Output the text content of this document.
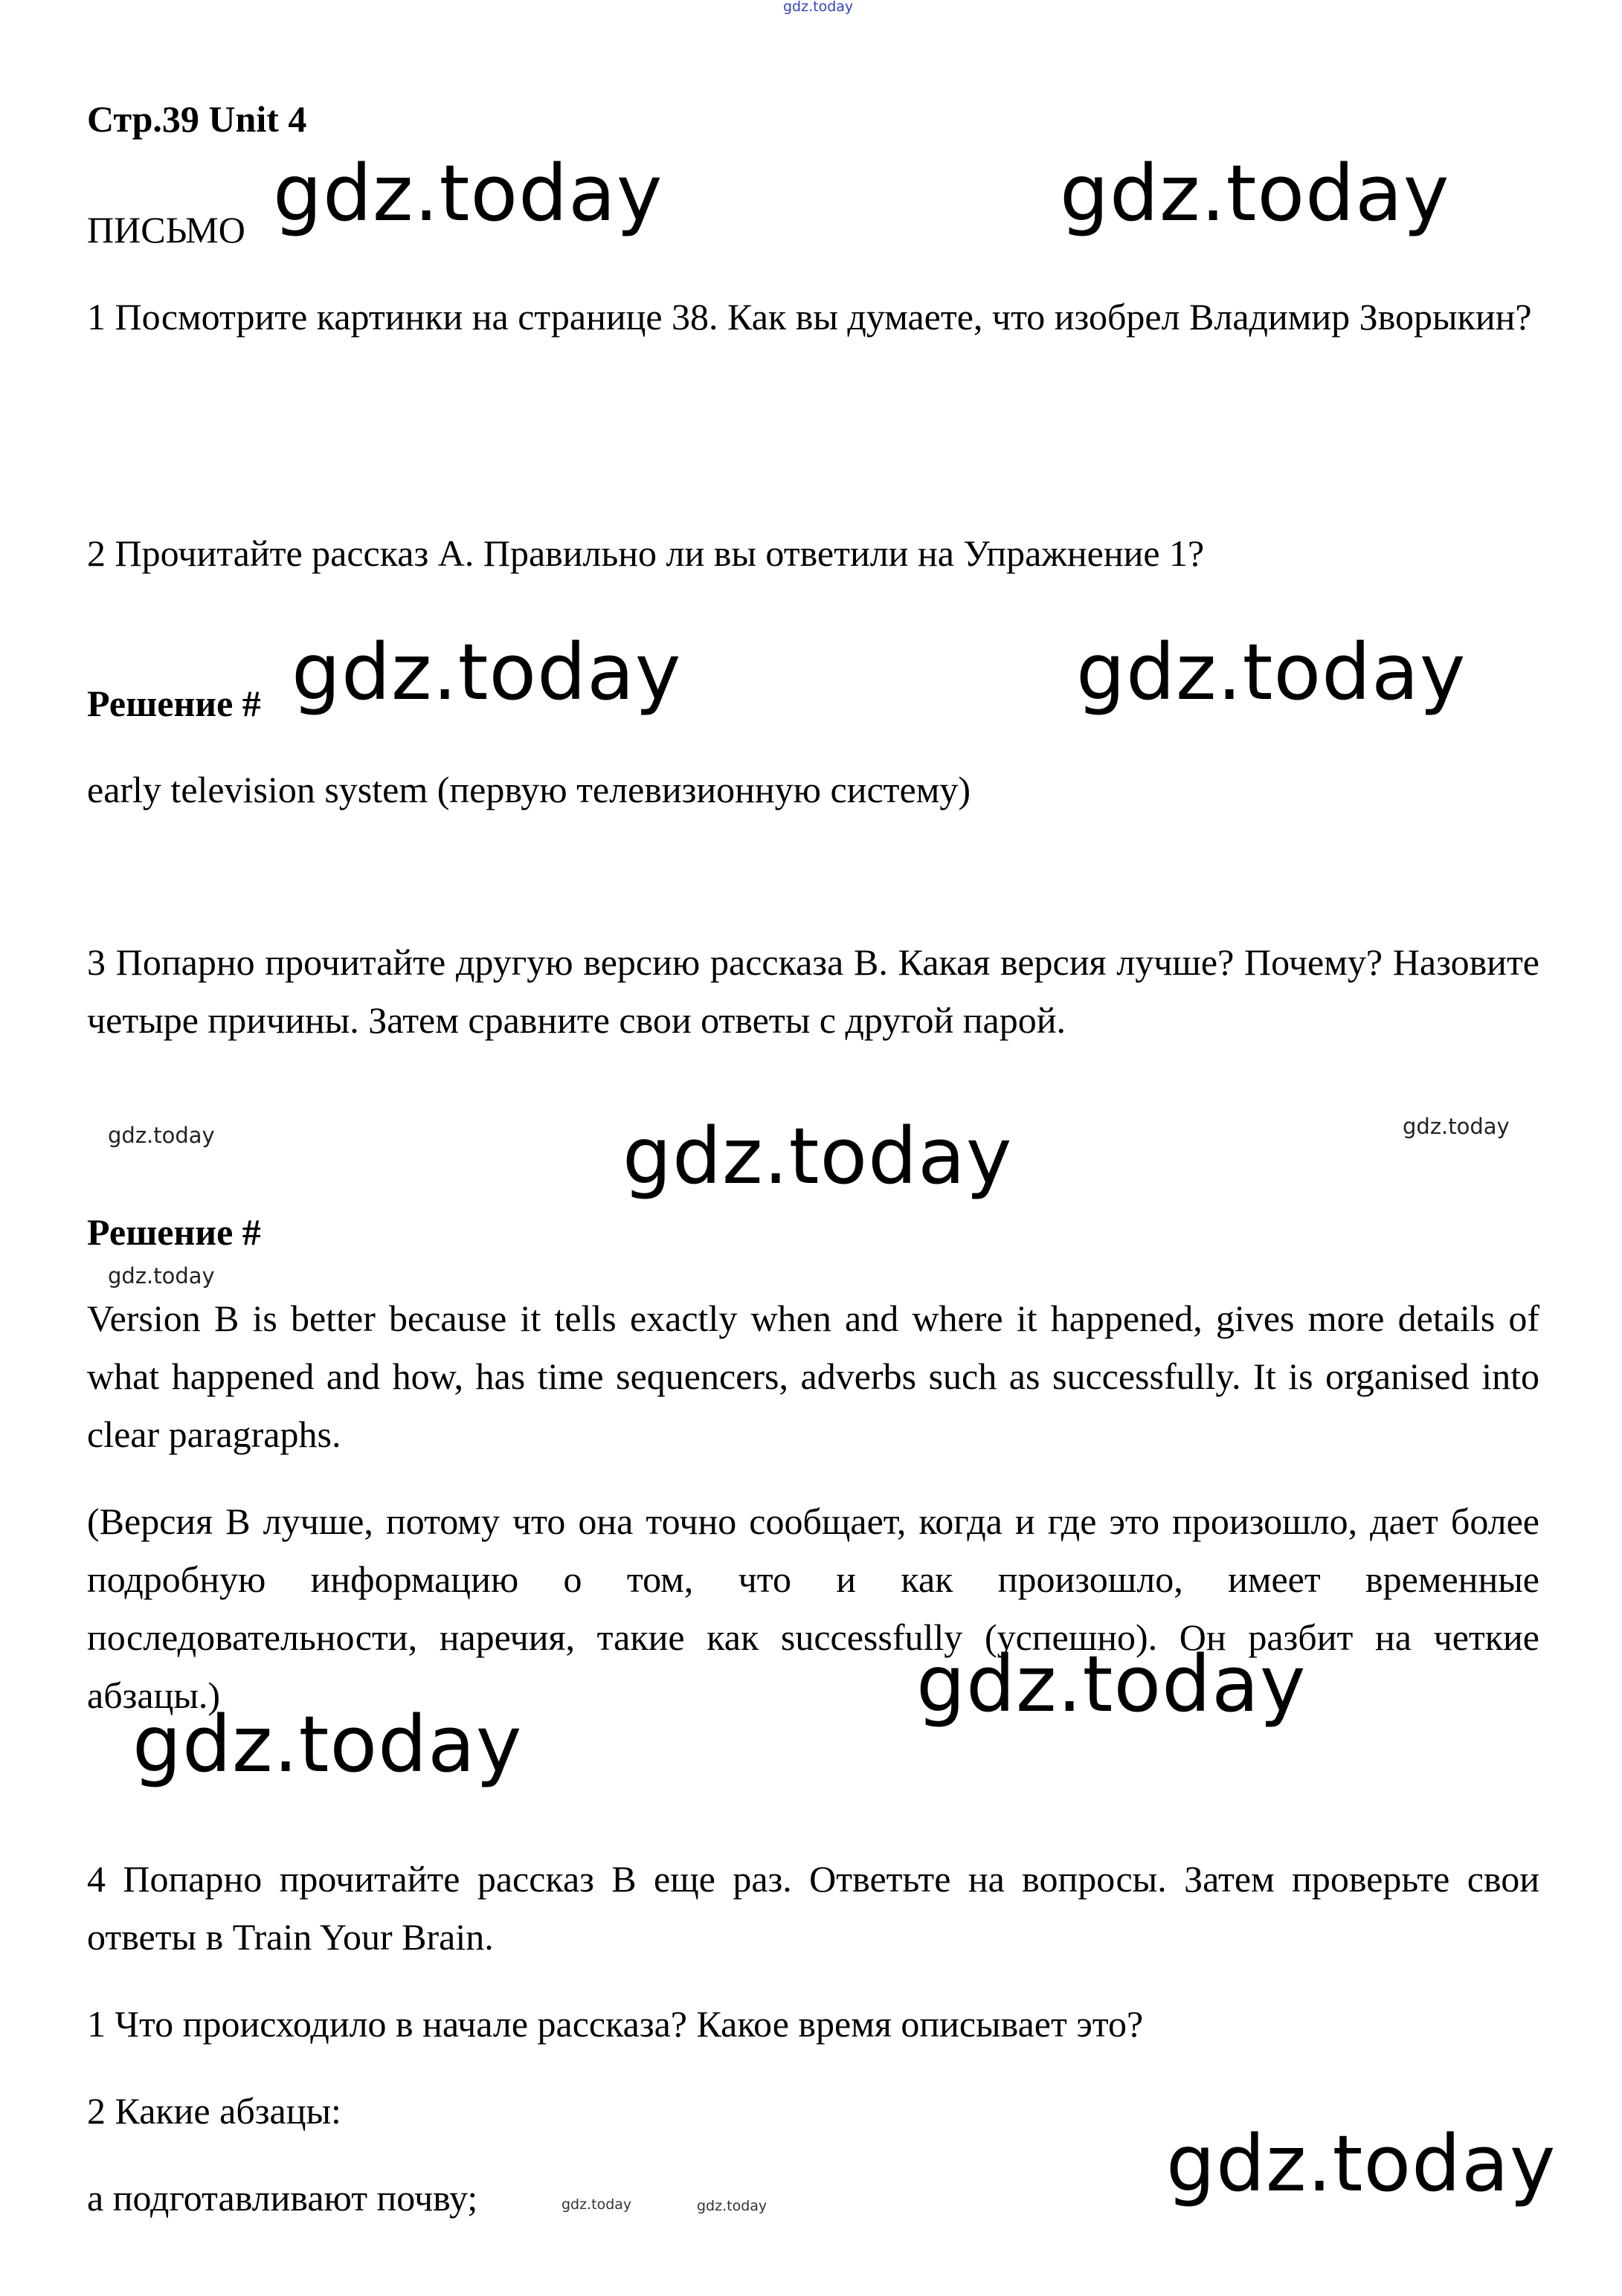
gdz.today
Стр.39 Unit 4
ПИСЬМО gdz.today	gdz.today
1 Посмотрите картинки на странице 38. Как вы думаете, что изобрел Владимир Зворыкин?
2 Прочитайте рассказ А. Правильно ли вы ответили на Упражнение 1?
Решение # gdz.today	gdz.today
early television system (первую телевизионную систему)
3 Попарно прочитайте другую версию рассказа В. Какая версия лучше? Почему? Назовите четыре причины. Затем сравните свои ответы с другой парой.
gdz.today	gdz.today	gdz.today
Решение #
gdz.today
Version B is better because it tells exactly when and where it happened, gives more details of what happened and how, has time sequencers, adverbs such as successfully. It is organised into clear paragraphs.
(Версия В лучше, потому что она точно сообщает, когда и где это произошло, дает более подробную информацию о том, что и как произошло, имеет временные последовательности, наречия, такие как successfully (успешно). Он разбит на четкие абзацы.)	gdz.today
gdz.today
4 Попарно прочитайте рассказ В еще раз. Ответьте на вопросы. Затем проверьте свои ответы в Train Your Brain.
1 Что происходило в начале рассказа? Какое время описывает это?
2 Какие абзацы:
gdz.today
а подготавливают почву;	gdz.today	gdz.today
